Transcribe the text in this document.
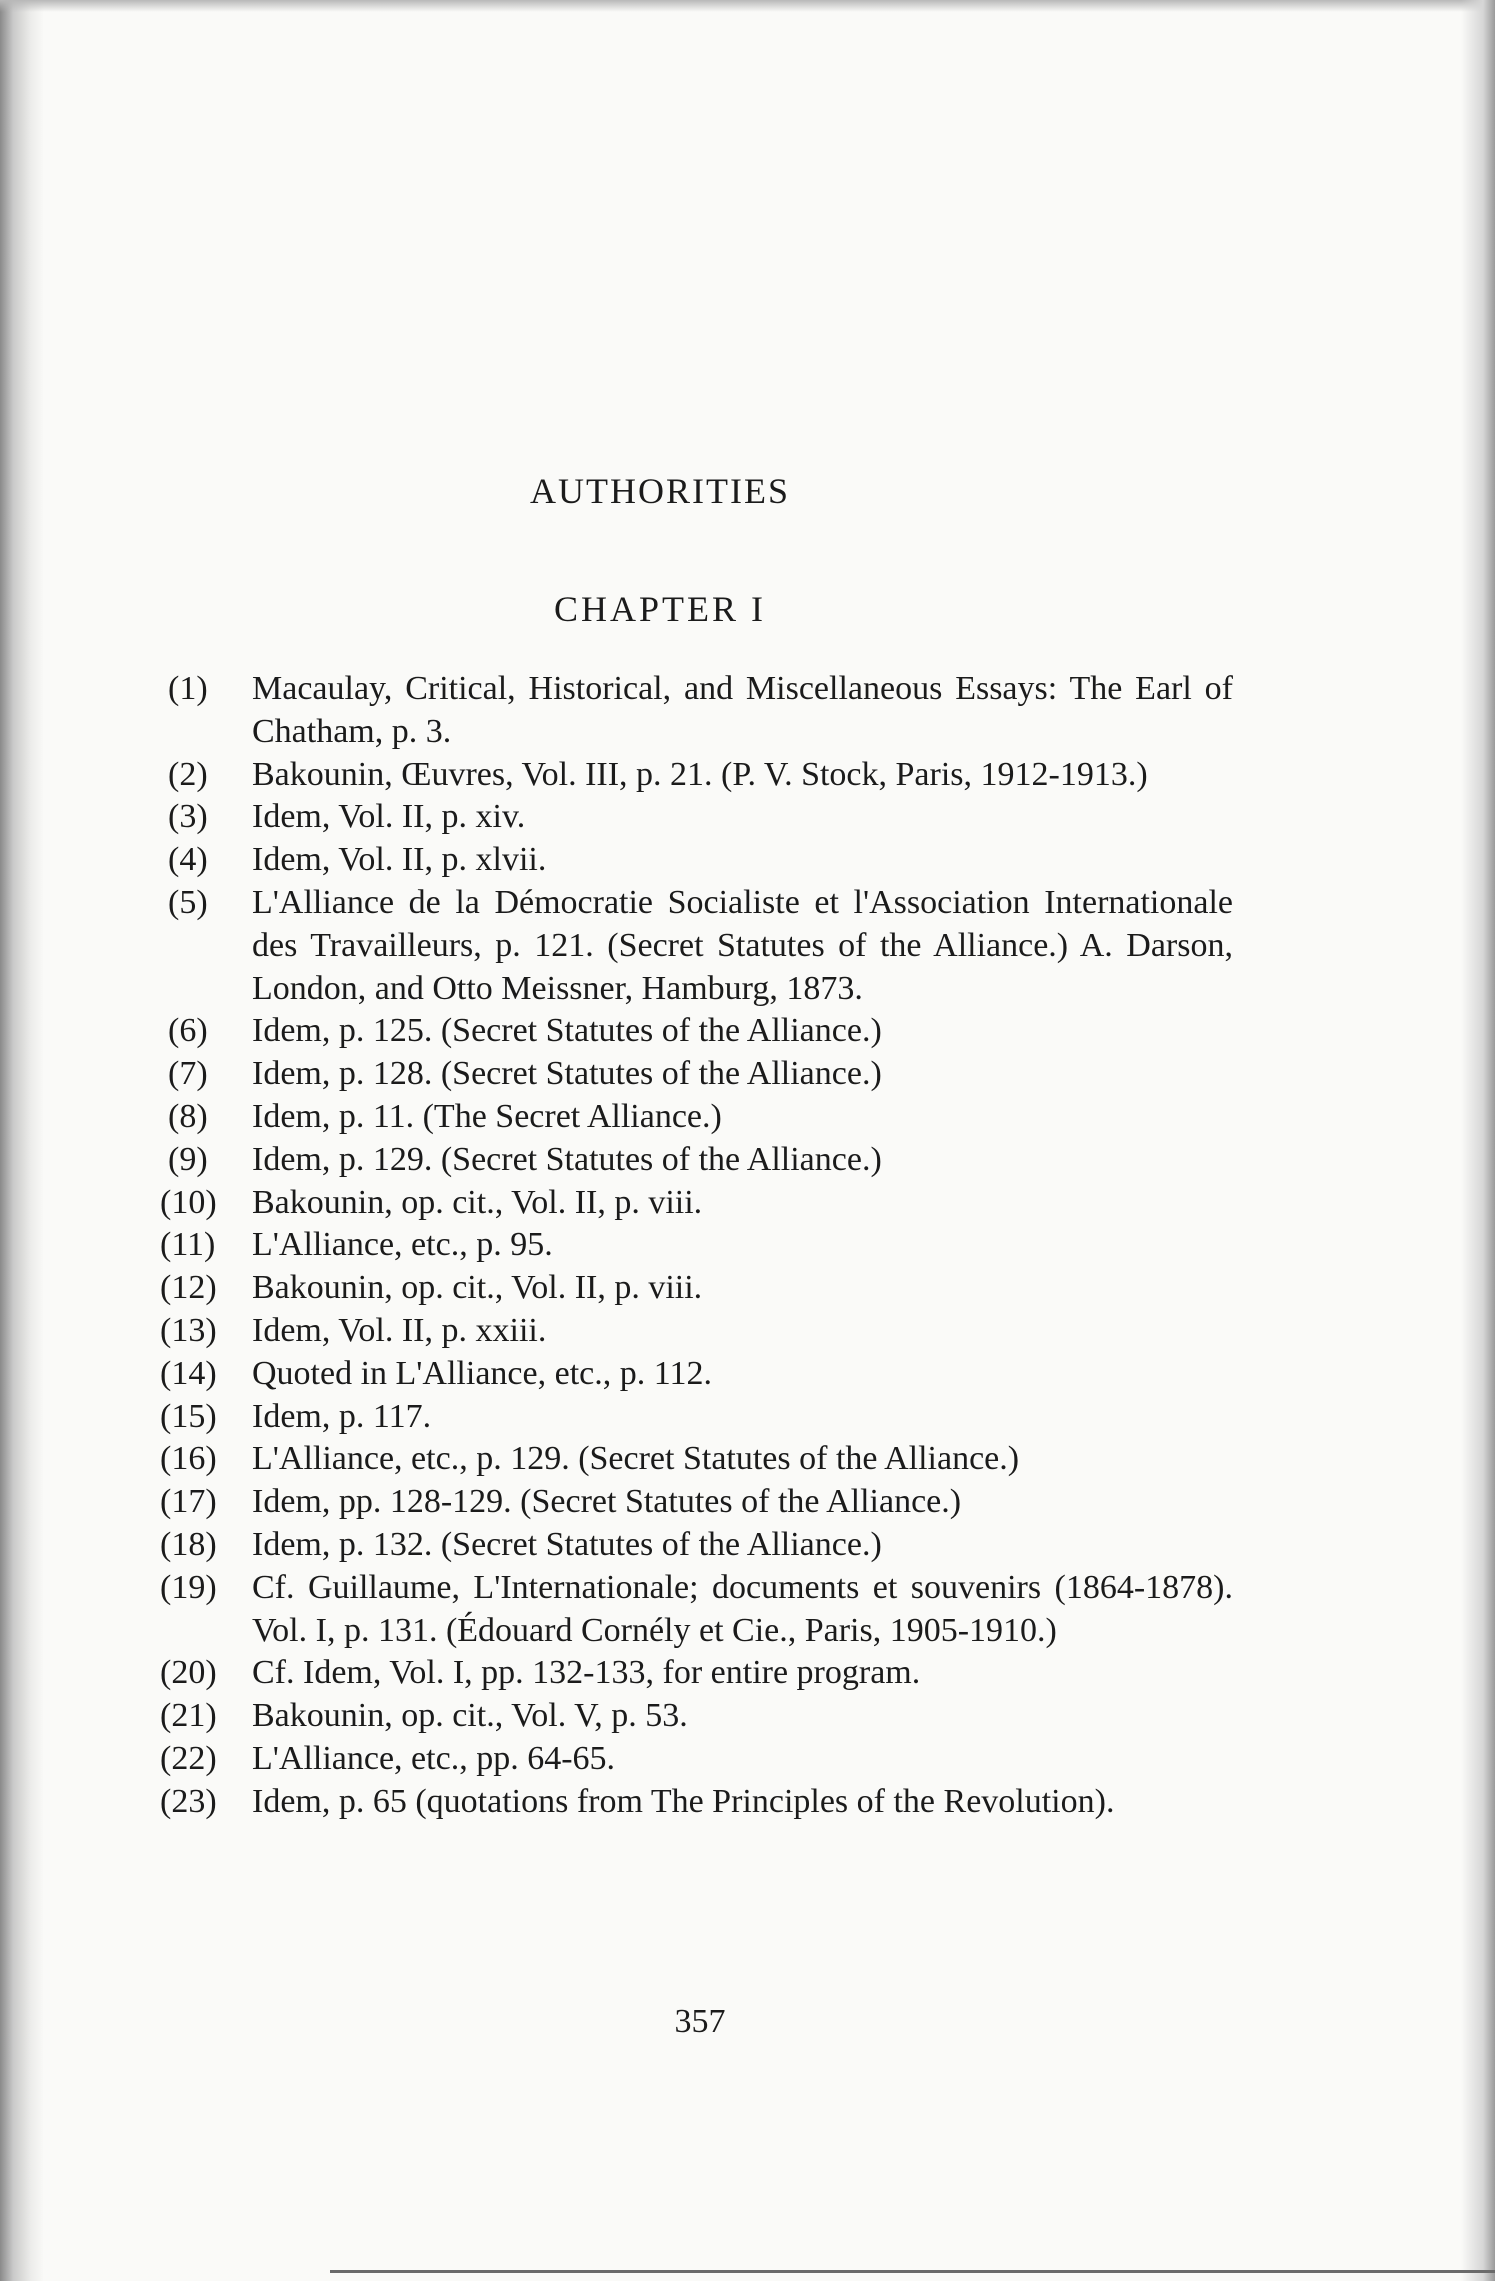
AUTHORITIES
CHAPTER I
(1) Macaulay, Critical, Historical, and Miscellaneous Essays: The Earl of Chatham, p. 3.
(2) Bakounin, Œuvres, Vol. III, p. 21. (P. V. Stock, Paris, 1912-1913.)
(3) Idem, Vol. II, p. xiv.
(4) Idem, Vol. II, p. xlvii.
(5) L'Alliance de la Démocratie Socialiste et l'Association Internationale des Travailleurs, p. 121. (Secret Statutes of the Alliance.) A. Darson, London, and Otto Meissner, Hamburg, 1873.
(6) Idem, p. 125. (Secret Statutes of the Alliance.)
(7) Idem, p. 128. (Secret Statutes of the Alliance.)
(8) Idem, p. 11. (The Secret Alliance.)
(9) Idem, p. 129. (Secret Statutes of the Alliance.)
(10) Bakounin, op. cit., Vol. II, p. viii.
(11) L'Alliance, etc., p. 95.
(12) Bakounin, op. cit., Vol. II, p. viii.
(13) Idem, Vol. II, p. xxiii.
(14) Quoted in L'Alliance, etc., p. 112.
(15) Idem, p. 117.
(16) L'Alliance, etc., p. 129. (Secret Statutes of the Alliance.)
(17) Idem, pp. 128-129. (Secret Statutes of the Alliance.)
(18) Idem, p. 132. (Secret Statutes of the Alliance.)
(19) Cf. Guillaume, L'Internationale; documents et souvenirs (1864-1878). Vol. I, p. 131. (Édouard Cornély et Cie., Paris, 1905-1910.)
(20) Cf. Idem, Vol. I, pp. 132-133, for entire program.
(21) Bakounin, op. cit., Vol. V, p. 53.
(22) L'Alliance, etc., pp. 64-65.
(23) Idem, p. 65 (quotations from The Principles of the Revolution).
357
